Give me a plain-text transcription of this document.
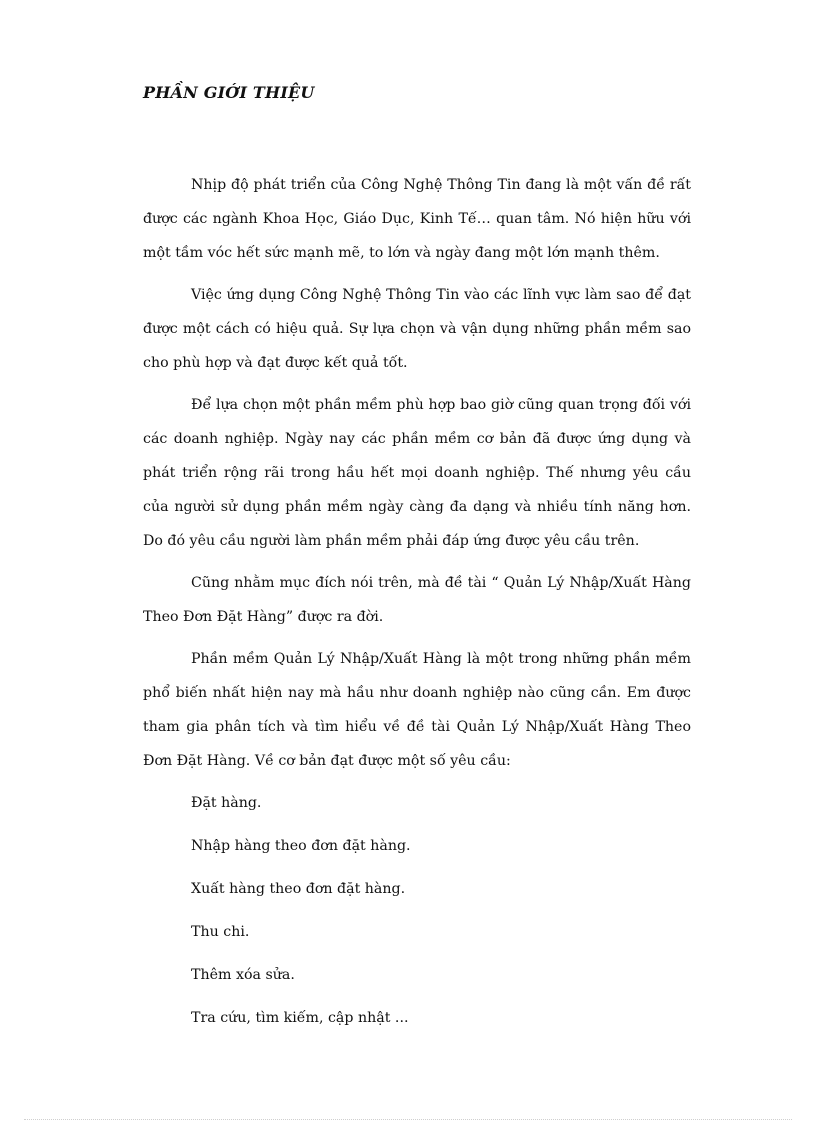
PHẦN GIỚI THIỆU

Nhịp độ phát triển của Công Nghệ Thông Tin đang là một vấn đề rất được các ngành Khoa Học, Giáo Dục, Kinh Tế… quan tâm. Nó hiện hữu với một tầm vóc hết sức mạnh mẽ, to lớn và ngày đang một lớn mạnh thêm.

Việc ứng dụng Công Nghệ Thông Tin vào các lĩnh vực làm sao để đạt được một cách có hiệu quả. Sự lựa chọn và vận dụng những phần mềm sao cho phù hợp và đạt được kết quả tốt.

Để lựa chọn một phần mềm phù hợp bao giờ cũng quan trọng đối với các doanh nghiệp. Ngày nay các phần mềm cơ bản đã được ứng dụng và phát triển rộng rãi trong hầu hết mọi doanh nghiệp. Thế nhưng yêu cầu của người sử dụng phần mềm ngày càng đa dạng và nhiều tính năng hơn. Do đó yêu cầu người làm phần mềm phải đáp ứng được yêu cầu trên.

Cũng nhằm mục đích nói trên, mà đề tài “ Quản Lý Nhập/Xuất Hàng Theo Đơn Đặt Hàng” được ra đời.

Phần mềm Quản Lý Nhập/Xuất Hàng là một trong những phần mềm phổ biến nhất hiện nay mà hầu như doanh nghiệp nào cũng cần. Em được tham gia phân tích và tìm hiểu về đề tài Quản Lý Nhập/Xuất Hàng Theo Đơn Đặt Hàng. Về cơ bản đạt được một số yêu cầu:

Đặt hàng.
Nhập hàng theo đơn đặt hàng.
Xuất hàng theo đơn đặt hàng.
Thu chi.
Thêm xóa sửa.
Tra cứu, tìm kiếm, cập nhật ...
